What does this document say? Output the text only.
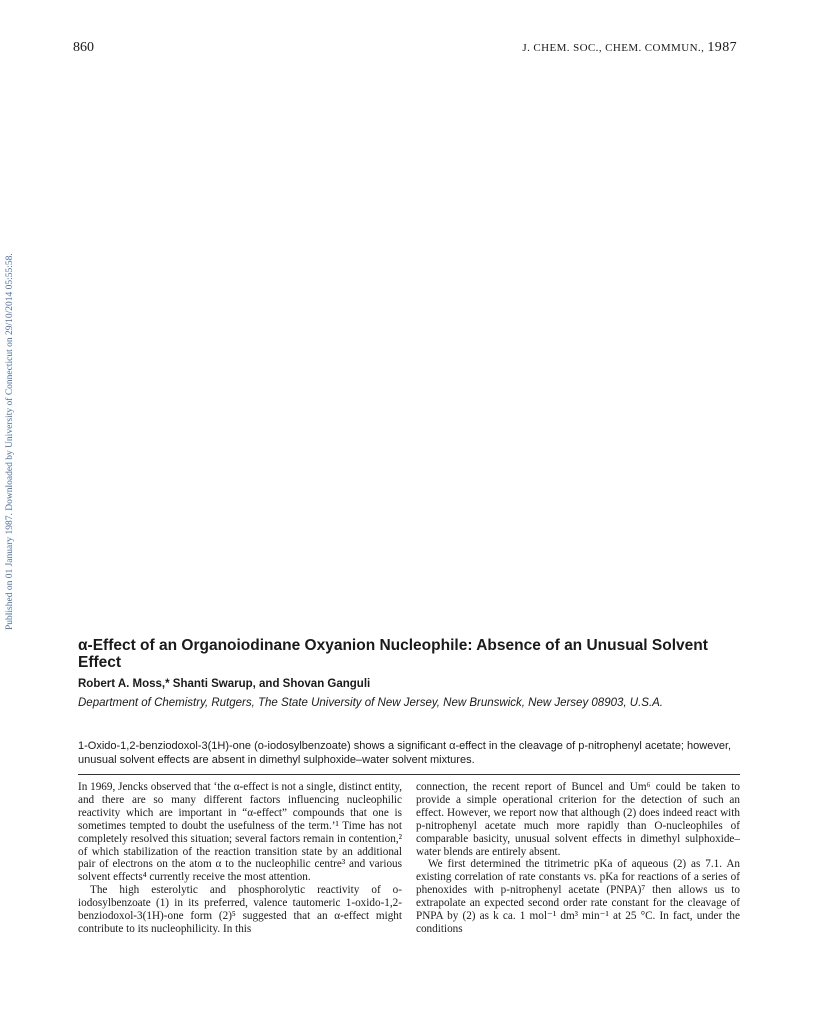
Published on 01 January 1987. Downloaded by University of Connecticut on 29/10/2014 05:55:58.
860	J. CHEM. SOC., CHEM. COMMUN., 1987
α-Effect of an Organoiodinane Oxyanion Nucleophile: Absence of an Unusual Solvent Effect
Robert A. Moss,* Shanti Swarup, and Shovan Ganguli
Department of Chemistry, Rutgers, The State University of New Jersey, New Brunswick, New Jersey 08903, U.S.A.
1-Oxido-1,2-benziodoxol-3(1H)-one (o-iodosylbenzoate) shows a significant α-effect in the cleavage of p-nitrophenyl acetate; however, unusual solvent effects are absent in dimethyl sulphoxide–water solvent mixtures.

In 1969, Jencks observed that ‘the α-effect is not a single, distinct entity, and there are so many different factors influencing nucleophilic reactivity which are important in “α-effect” compounds that one is sometimes tempted to doubt the usefulness of the term.’¹ Time has not completely resolved this situation; several factors remain in contention,² of which stabilization of the reaction transition state by an additional pair of electrons on the atom α to the nucleophilic centre³ and various solvent effects⁴ currently receive the most attention.

The high esterolytic and phosphorolytic reactivity of o-iodosylbenzoate (1) in its preferred, valence tautomeric 1-oxido-1,2-benziodoxol-3(1H)-one form (2)⁵ suggested that an α-effect might contribute to its nucleophilicity. In this

connection, the recent report of Buncel and Um⁶ could be taken to provide a simple operational criterion for the detection of such an effect. However, we report now that although (2) does indeed react with p-nitrophenyl acetate much more rapidly than O-nucleophiles of comparable basicity, unusual solvent effects in dimethyl sulphoxide–water blends are entirely absent.

We first determined the titrimetric pKa of aqueous (2) as 7.1. An existing correlation of rate constants vs. pKa for reactions of a series of phenoxides with p-nitrophenyl acetate (PNPA)⁷ then allows us to extrapolate an expected second order rate constant for the cleavage of PNPA by (2) as k ca. 1 mol⁻¹ dm³ min⁻¹ at 25 °C. In fact, under the conditions
